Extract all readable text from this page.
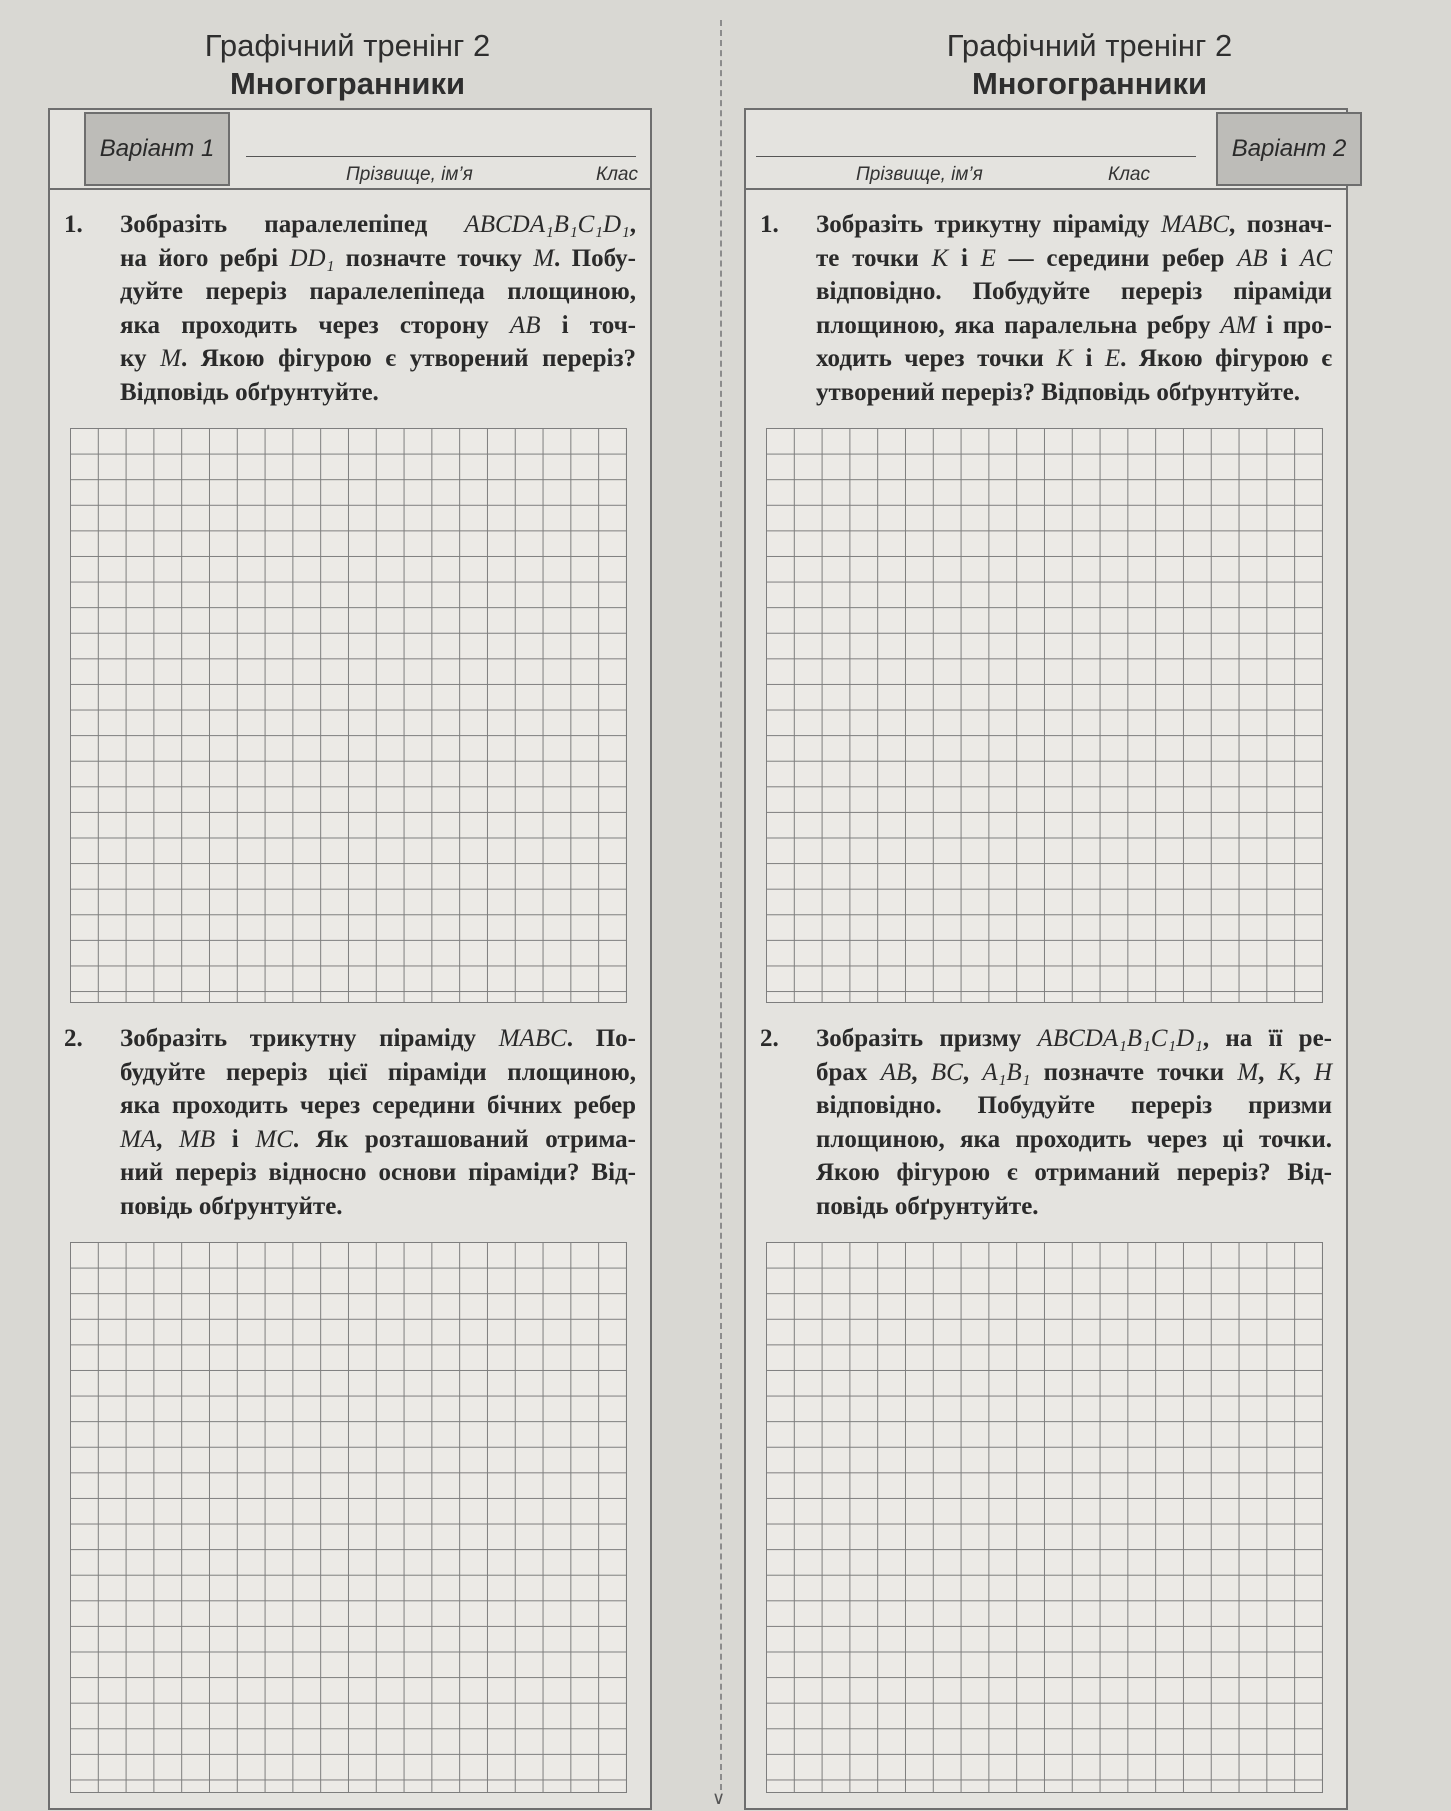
∨
Графічний тренінг 2
Многогранники
Варіант 1
Прізвище, ім’я	Клас
1. Зобразіть паралелепіпед ABCDA₁B₁C₁D₁,
на його ребрі DD₁ позначте точку M. Побу-
дуйте переріз паралелепіпеда площиною,
яка проходить через сторону AB і точ-
ку M. Якою фігурою є утворений переріз?
Відповідь обґрунтуйте.
2. Зобразіть трикутну піраміду MABC. По-
будуйте переріз цієї піраміди площиною,
яка проходить через середини бічних ребер
MA, MB і MC. Як розташований отрима-
ний переріз відносно основи піраміди? Від-
повідь обґрунтуйте.
Графічний тренінг 2
Многогранники
Варіант 2
Прізвище, ім’я	Клас
1. Зобразіть трикутну піраміду MABC, познач-
те точки K і E — середини ребер AB і AC
відповідно. Побудуйте переріз піраміди
площиною, яка паралельна ребру AM і про-
ходить через точки K і E. Якою фігурою є
утворений переріз? Відповідь обґрунтуйте.
2. Зобразіть призму ABCDA₁B₁C₁D₁, на її ре-
брах AB, BC, A₁B₁ позначте точки M, K, H
відповідно. Побудуйте переріз призми
площиною, яка проходить через ці точки.
Якою фігурою є отриманий переріз? Від-
повідь обґрунтуйте.
